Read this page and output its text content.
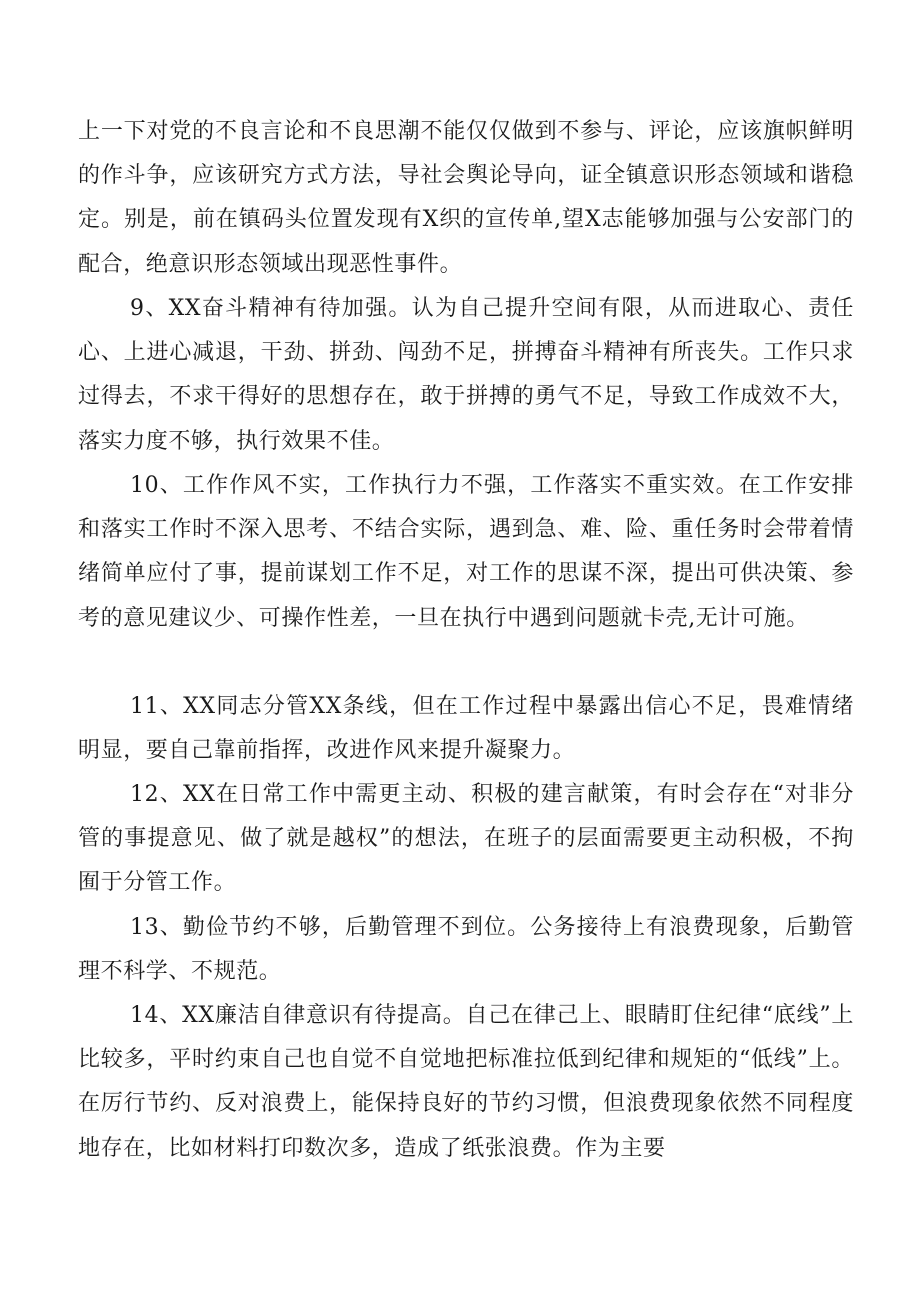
上一下对党的不良言论和不良思潮不能仅仅做到不参与、评论，应该旗帜鲜明的作斗争，应该研究方式方法，导社会舆论导向，证全镇意识形态领域和谐稳定。别是，前在镇码头位置发现有X织的宣传单,望X志能够加强与公安部门的配合，绝意识形态领域出现恶性事件。

9、XX奋斗精神有待加强。认为自己提升空间有限，从而进取心、责任心、上进心减退，干劲、拼劲、闯劲不足，拼搏奋斗精神有所丧失。工作只求过得去，不求干得好的思想存在，敢于拼搏的勇气不足，导致工作成效不大，落实力度不够，执行效果不佳。

10、工作作风不实，工作执行力不强，工作落实不重实效。在工作安排和落实工作时不深入思考、不结合实际，遇到急、难、险、重任务时会带着情绪简单应付了事，提前谋划工作不足，对工作的思谋不深，提出可供决策、参考的意见建议少、可操作性差，一旦在执行中遇到问题就卡壳,无计可施。

11、XX同志分管XX条线，但在工作过程中暴露出信心不足，畏难情绪明显，要自己靠前指挥，改进作风来提升凝聚力。

12、XX在日常工作中需更主动、积极的建言献策，有时会存在“对非分管的事提意见、做了就是越权”的想法，在班子的层面需要更主动积极，不拘囿于分管工作。

13、勤俭节约不够，后勤管理不到位。公务接待上有浪费现象，后勤管理不科学、不规范。

14、XX廉洁自律意识有待提高。自己在律己上、眼睛盯住纪律“底线”上比较多，平时约束自己也自觉不自觉地把标准拉低到纪律和规矩的“低线”上。在厉行节约、反对浪费上，能保持良好的节约习惯，但浪费现象依然不同程度地存在，比如材料打印数次多，造成了纸张浪费。作为主要
